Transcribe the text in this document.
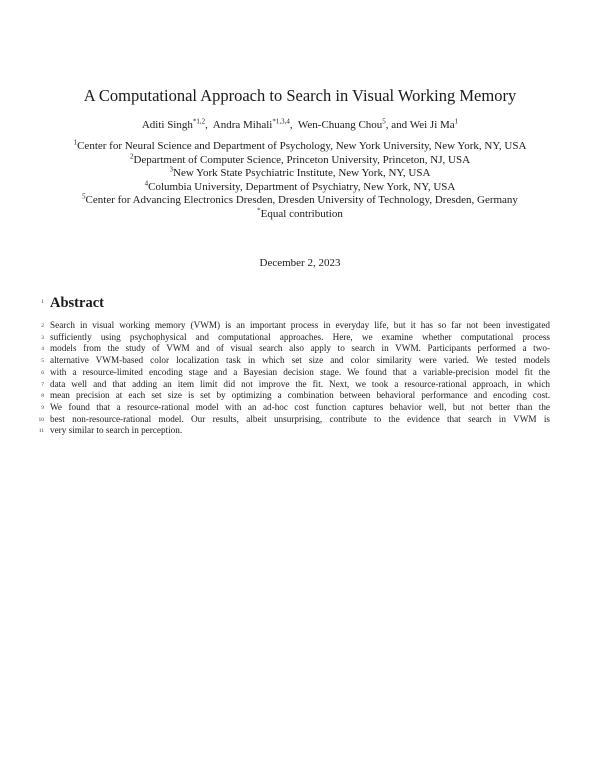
A Computational Approach to Search in Visual Working Memory
Aditi Singh$^{*1,2}$,  Andra Mihali$^{*1,3,4}$,  Wen-Chuang Chou$^5$, and Wei Ji Ma$^1$

$^1$Center for Neural Science and Department of Psychology, New York University, New York, NY, USA

$^2$Department of Computer Science, Princeton University, Princeton, NJ, USA

$^3$New York State Psychiatric Institute, New York, NY, USA

$^4$Columbia University, Department of Psychiatry, New York, NY, USA

$^5$Center for Advancing Electronics Dresden, Dresden University of Technology, Dresden, Germany

*Equal contribution

December 2, 2023
1 Abstract
Search in visual working memory (VWM) is an important process in everyday life, but it has so far not been investigated
sufficiently using psychophysical and computational approaches. Here, we examine whether computational process
models from the study of VWM and of visual search also apply to search in VWM. Participants performed a two-
alternative VWM-based color localization task in which set size and color similarity were varied. We tested models
with a resource-limited encoding stage and a Bayesian decision stage. We found that a variable-precision model fit the
data well and that adding an item limit did not improve the fit. Next, we took a resource-rational approach, in which
mean precision at each set size is set by optimizing a combination between behavioral performance and encoding cost.
We found that a resource-rational model with an ad-hoc cost function captures behavior well, but not better than the
best non-resource-rational model. Our results, albeit unsurprising, contribute to the evidence that search in VWM is
very similar to search in perception.
2
3
4
5
6
7
8
9
10
11
